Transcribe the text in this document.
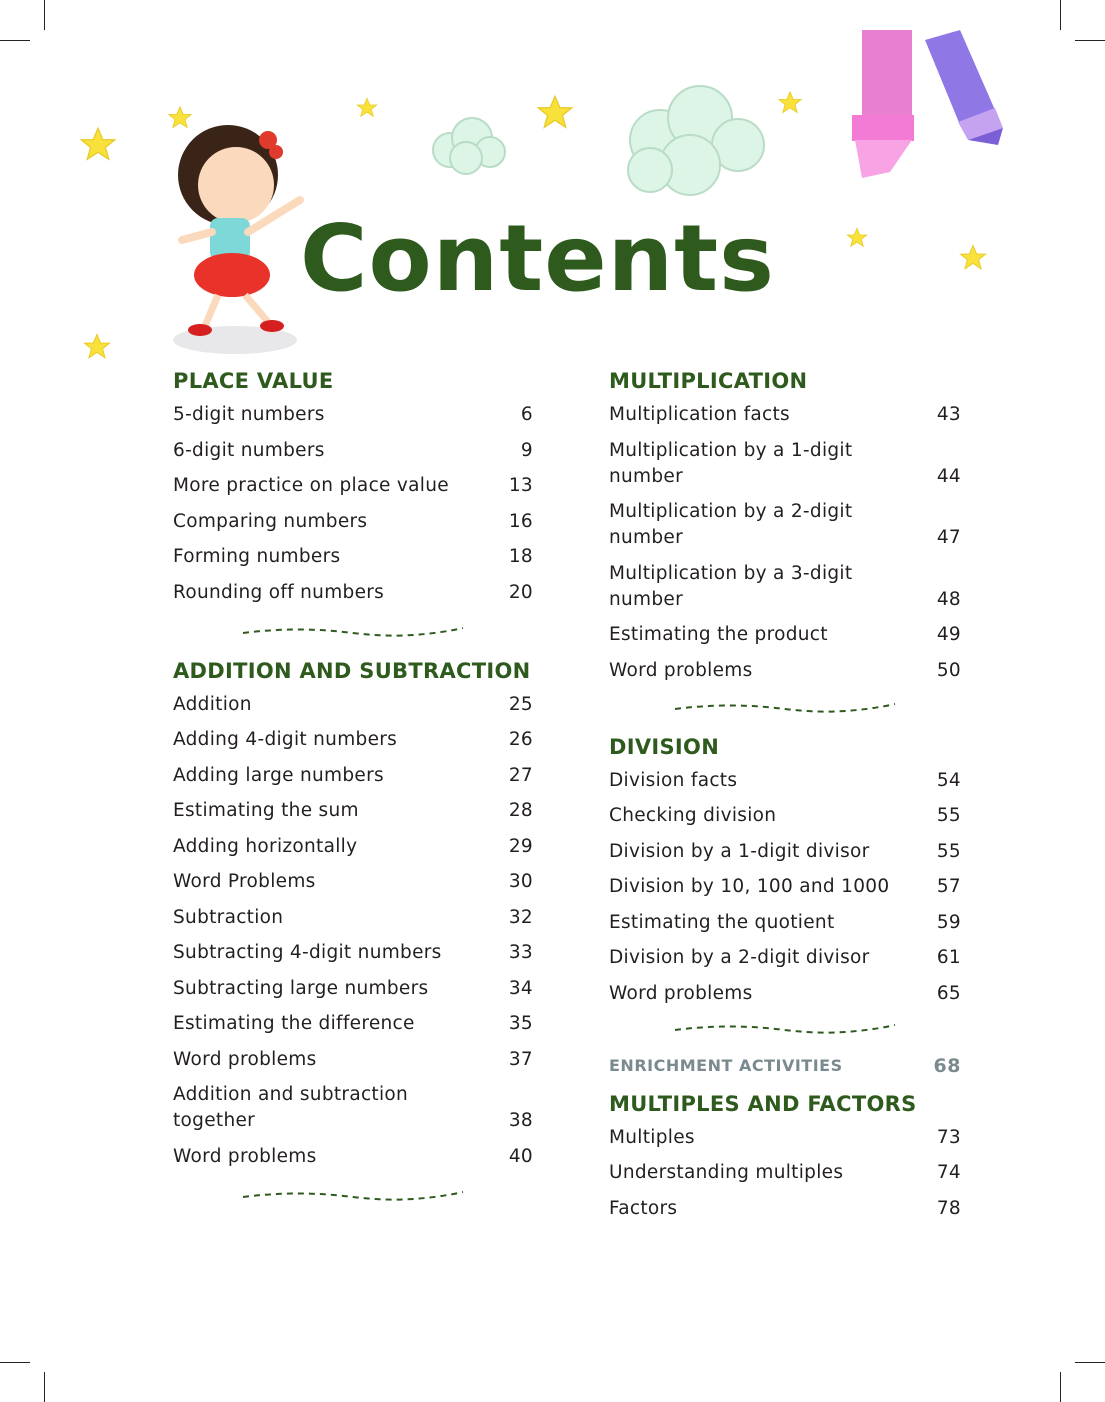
Contents
PLACE VALUE
5-digit numbers	6
6-digit numbers	9
More practice on place value	13
Comparing numbers	16
Forming numbers	18
Rounding off numbers	20
ADDITION AND SUBTRACTION
Addition	25
Adding 4-digit numbers	26
Adding large numbers	27
Estimating the sum	28
Adding horizontally	29
Word Problems	30
Subtraction	32
Subtracting 4-digit numbers	33
Subtracting large numbers	34
Estimating the difference	35
Word problems	37
Addition and subtraction
together	38
Word problems	40
MULTIPLICATION
Multiplication facts	43
Multiplication by a 1-digit
number	44
Multiplication by a 2-digit
number	47
Multiplication by a 3-digit
number	48
Estimating the product	49
Word problems	50
DIVISION
Division facts	54
Checking division	55
Division by a 1-digit divisor	55
Division by 10, 100 and 1000	57
Estimating the quotient	59
Division by a 2-digit divisor	61
Word problems	65
ENRICHMENT ACTIVITIES	68
MULTIPLES AND FACTORS
Multiples	73
Understanding multiples	74
Factors	78
